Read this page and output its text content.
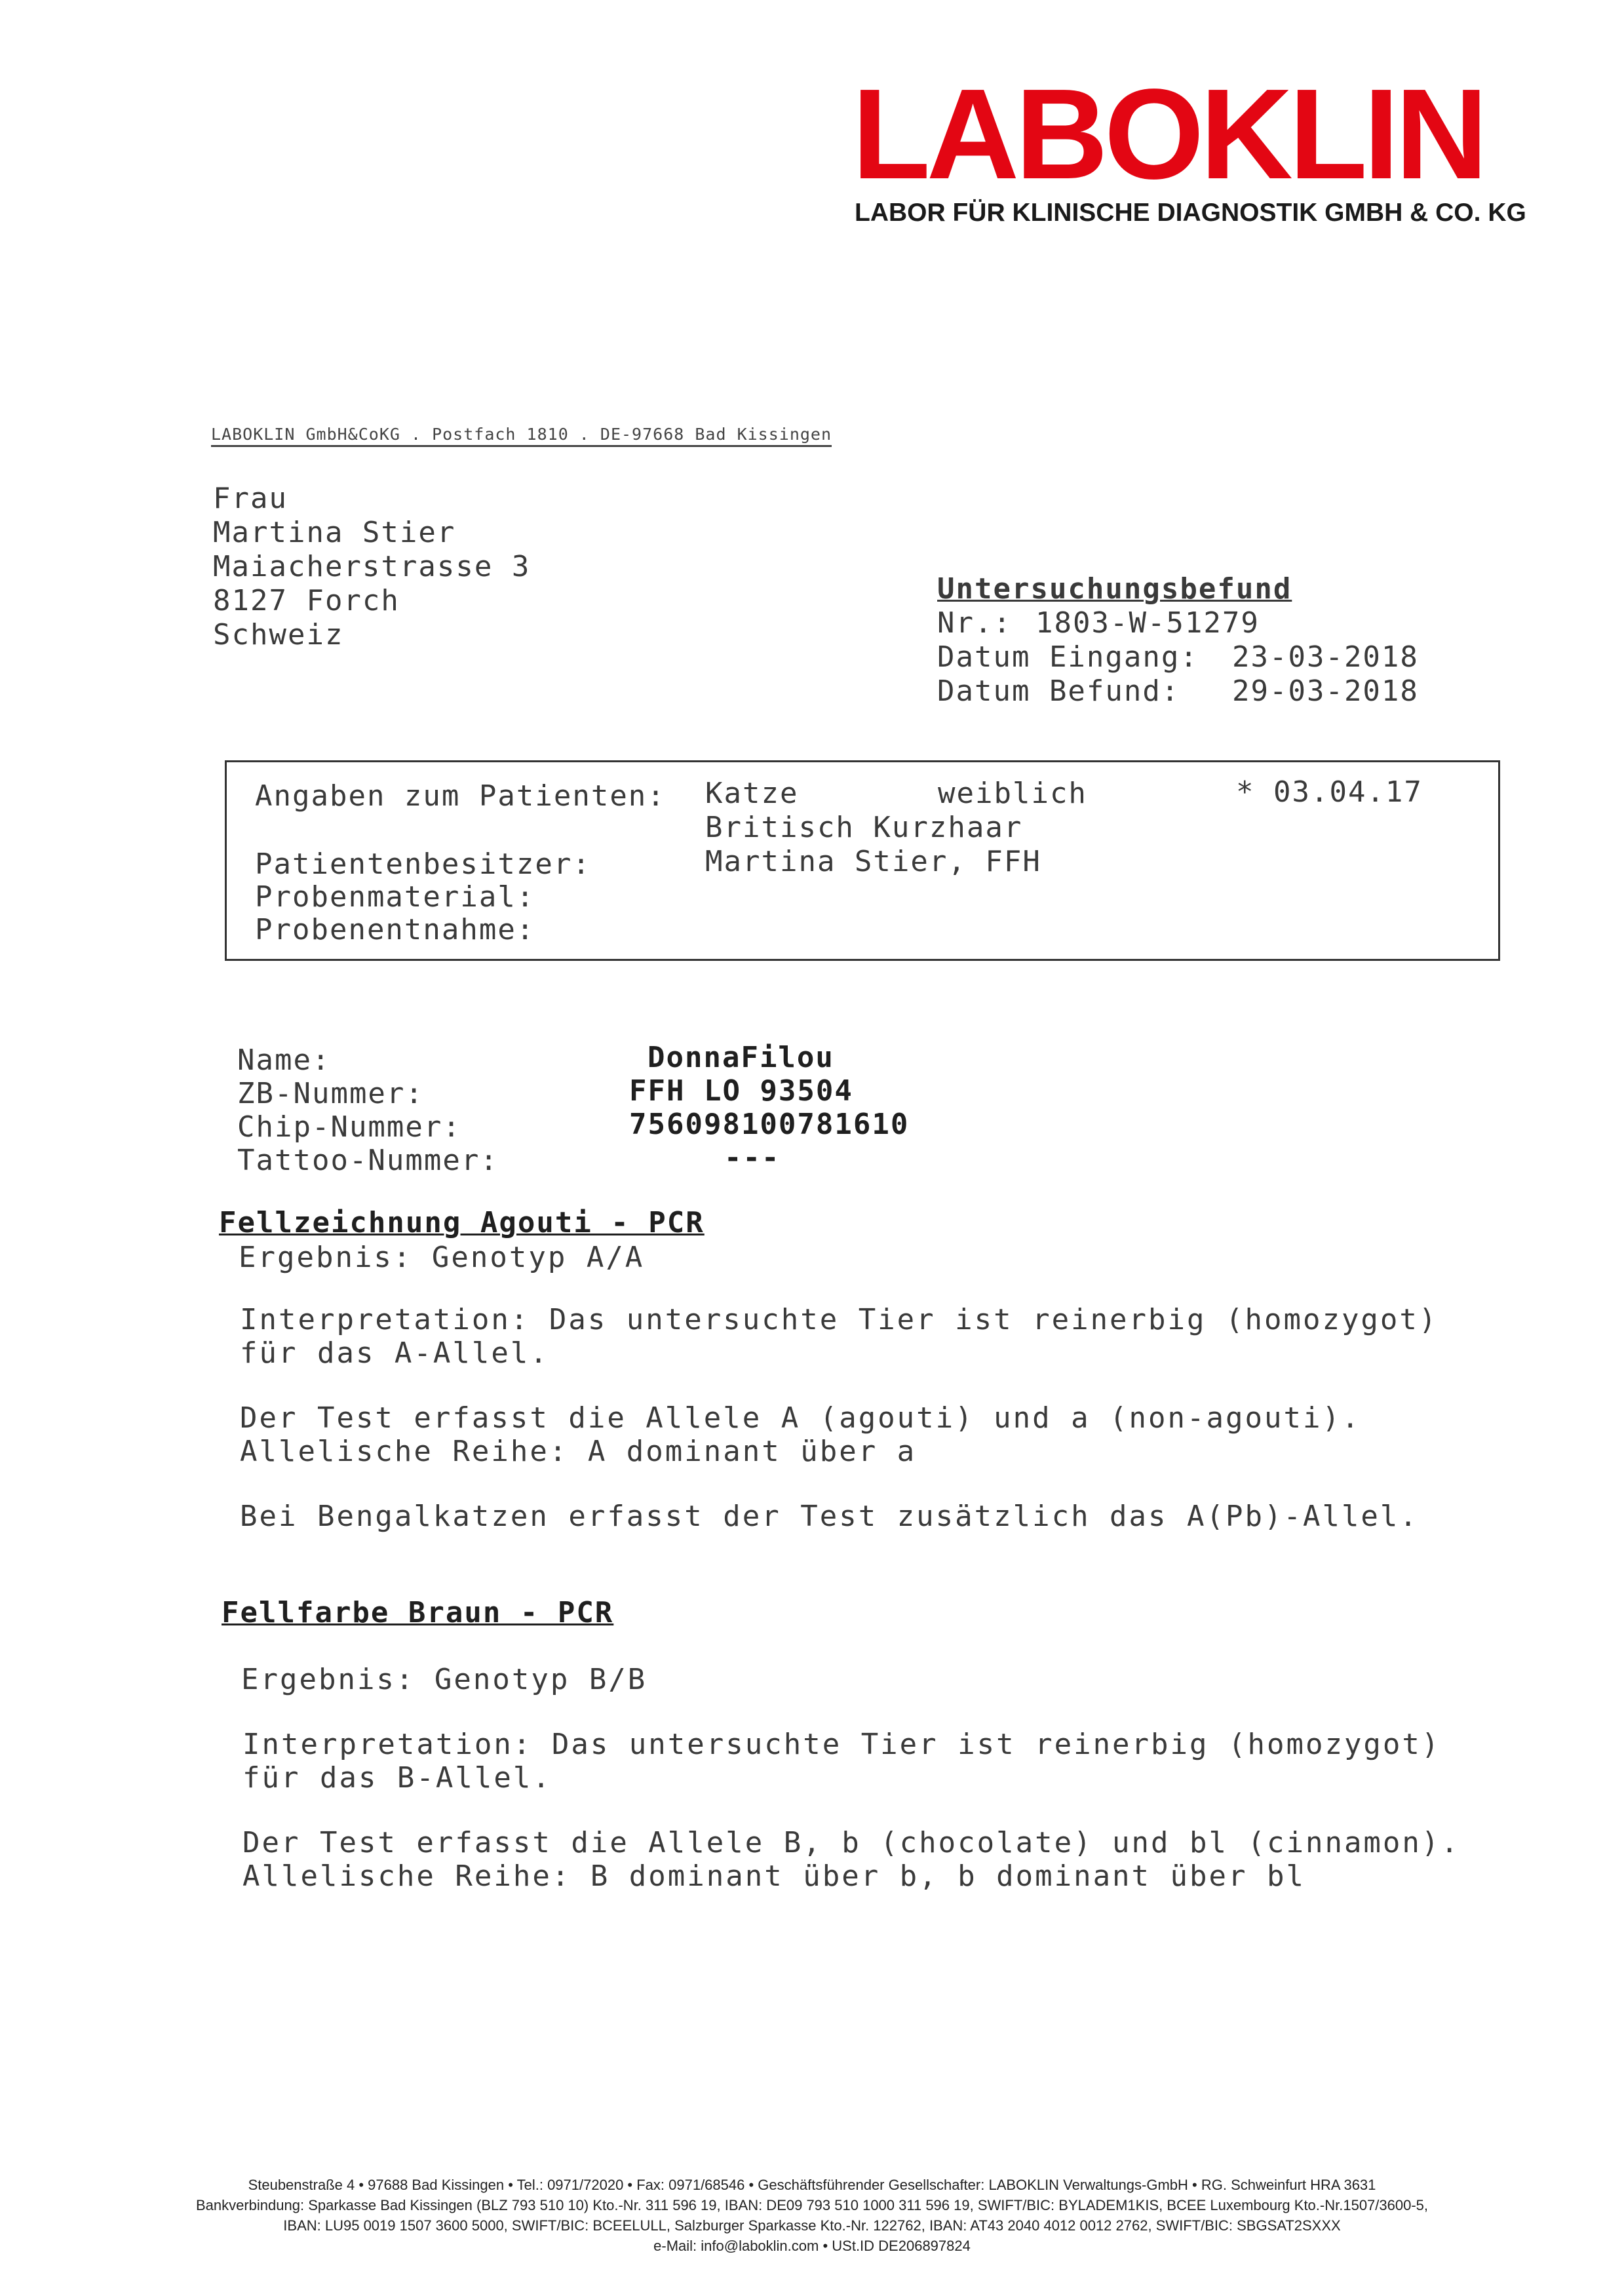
LABOKLIN
LABOR FÜR KLINISCHE DIAGNOSTIK GMBH & CO. KG
LABOKLIN GmbH&CoKG . Postfach 1810 . DE-97668 Bad Kissingen
Frau
Martina Stier
Maiacherstrasse 3
8127 Forch
Schweiz
Untersuchungsbefund
Nr.: 1803-W-51279
Datum Eingang: 23-03-2018
Datum Befund: 29-03-2018
Angaben zum Patienten:
Patientenbesitzer:
Probenmaterial:
Probenentnahme:
Katze	weiblich	* 03.04.17
Britisch Kurzhaar
Martina Stier, FFH
Name:
ZB-Nummer:
Chip-Nummer:
Tattoo-Nummer:
DonnaFilou
FFH LO 93504
756098100781610
---
Fellzeichnung Agouti - PCR
Ergebnis: Genotyp A/A
Interpretation: Das untersuchte Tier ist reinerbig (homozygot)
für das A-Allel.
Der Test erfasst die Allele A (agouti) und a (non-agouti).
Allelische Reihe: A dominant über a
Bei Bengalkatzen erfasst der Test zusätzlich das A(Pb)-Allel.
Fellfarbe Braun - PCR
Ergebnis: Genotyp B/B
Interpretation: Das untersuchte Tier ist reinerbig (homozygot)
für das B-Allel.
Der Test erfasst die Allele B, b (chocolate) und bl (cinnamon).
Allelische Reihe: B dominant über b, b dominant über bl
Steubenstraße 4 • 97688 Bad Kissingen • Tel.: 0971/72020 • Fax: 0971/68546 • Geschäftsführender Gesellschafter: LABOKLIN Verwaltungs-GmbH • RG. Schweinfurt HRA 3631
Bankverbindung: Sparkasse Bad Kissingen (BLZ 793 510 10) Kto.-Nr. 311 596 19, IBAN: DE09 793 510 1000 311 596 19, SWIFT/BIC: BYLADEM1KIS, BCEE Luxembourg Kto.-Nr.1507/3600-5,
IBAN: LU95 0019 1507 3600 5000, SWIFT/BIC: BCEELULL, Salzburger Sparkasse Kto.-Nr. 122762, IBAN: AT43 2040 4012 0012 2762, SWIFT/BIC: SBGSAT2SXXX
e-Mail: info@laboklin.com • USt.ID DE206897824
